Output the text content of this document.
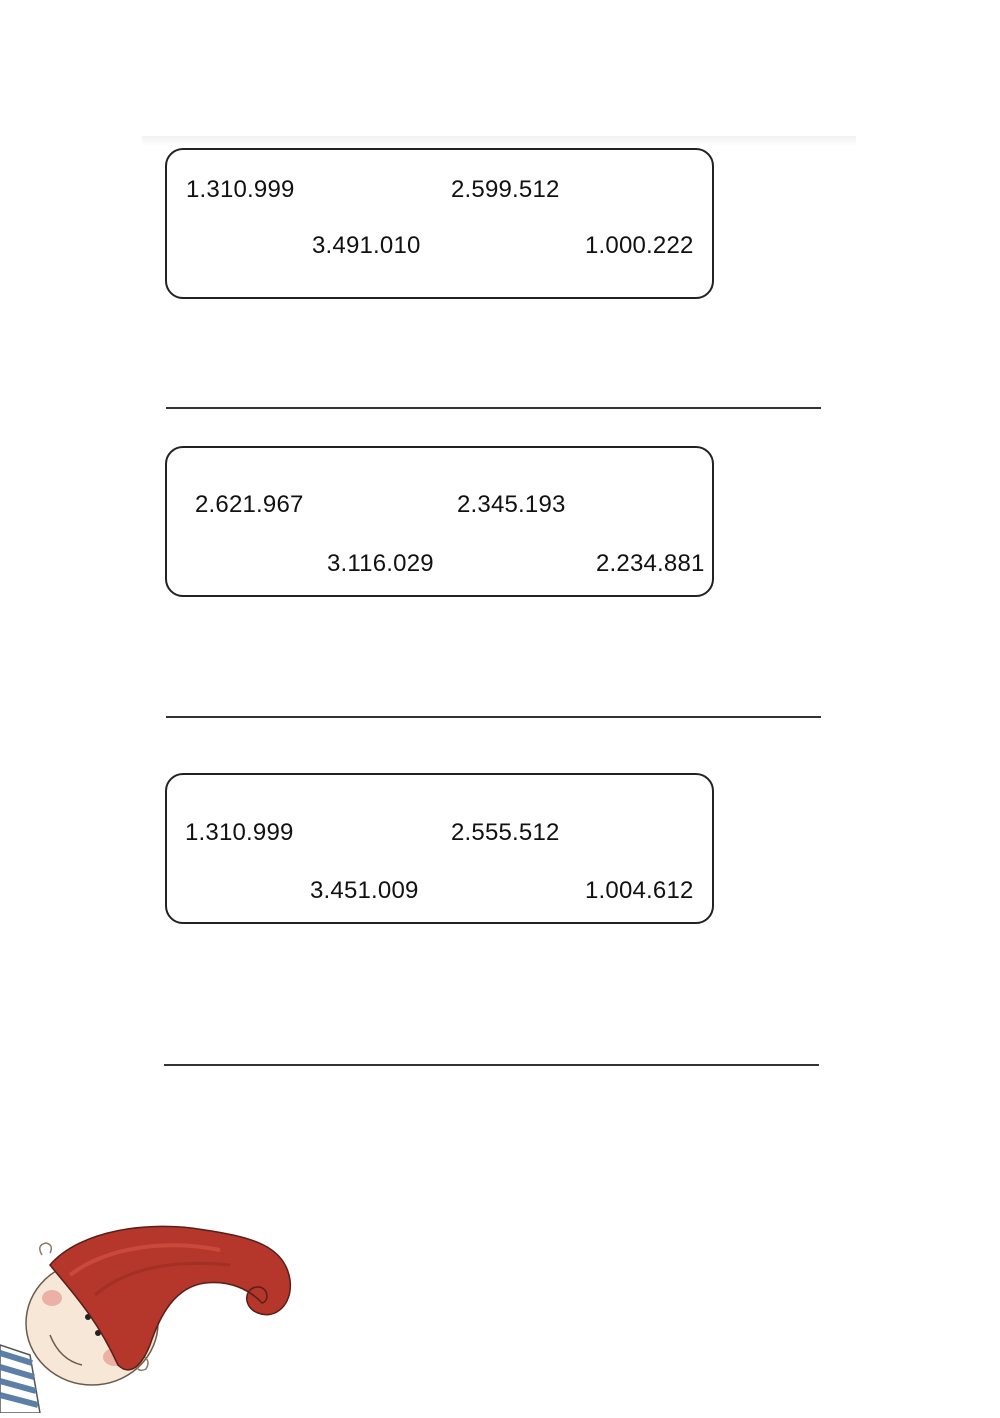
1.310.999	2.599.512
3.491.010	1.000.222
2.621.967	2.345.193
3.116.029	2.234.881
1.310.999	2.555.512
3.451.009	1.004.612
